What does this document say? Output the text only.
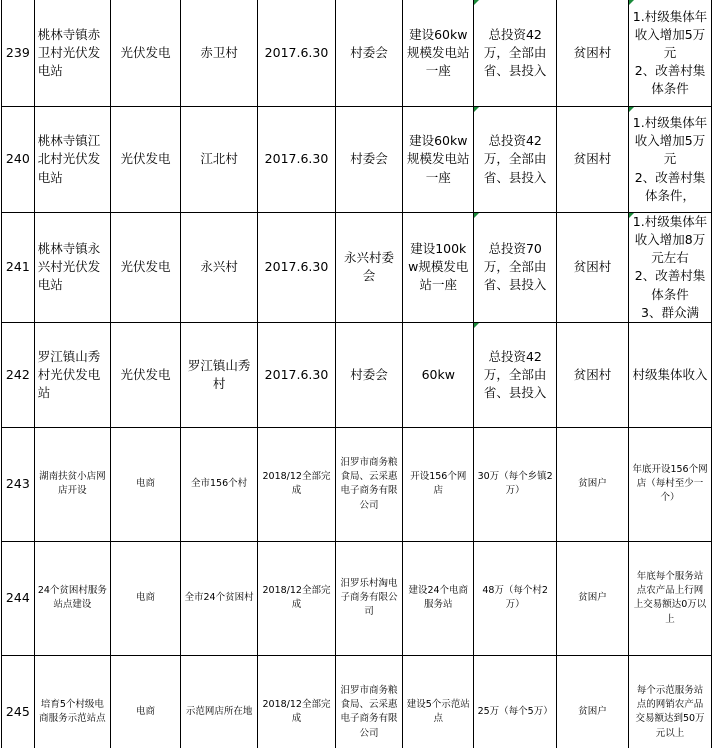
239	桃林寺镇赤卫村光伏发电站	光伏发电	赤卫村	2017.6.30	村委会	建设60kw规模发电站一座	总投资42万，全部由省、县投入	贫困村	1.村级集体年收入增加5万元
2、改善村集体条件
240	桃林寺镇江北村光伏发电站	光伏发电	江北村	2017.6.30	村委会	建设60kw规模发电站一座	总投资42万，全部由省、县投入	贫困村	1.村级集体年收入增加5万元
2、改善村集体条件，
241	桃林寺镇永兴村光伏发电站	光伏发电	永兴村	2017.6.30	永兴村委会	建设100kw规模发电站一座	总投资70万，全部由省、县投入	贫困村	1.村级集体年收入增加8万元左右
2、改善村集体条件
3、群众满
242	罗江镇山秀村光伏发电站	光伏发电	罗江镇山秀村	2017.6.30	村委会	60kw	总投资42万，全部由省、县投入	贫困村	村级集体收入
243	湖南扶贫小店网店开设	电商	全市156个村	2018/12全部完成	汨罗市商务粮食局、云采惠电子商务有限公司	开设156个网店	30万（每个乡镇2万）	贫困户	年底开设156个网店（每村至少一个）
244	24个贫困村服务站点建设	电商	全市24个贫困村	2018/12全部完成	汨罗乐村淘电子商务有限公司	建设24个电商服务站	48万（每个村2万）	贫困户	年底每个服务站点农产品上行网上交易额达0万以上
245	培育5个村级电商服务示范站点	电商	示范网店所在地	2018/12全部完成	汨罗市商务粮食局、云采惠电子商务有限公司	建设5个示范站点	25万（每个5万）	贫困户	每个示范服务站点的网销农产品交易额达到50万元以上
